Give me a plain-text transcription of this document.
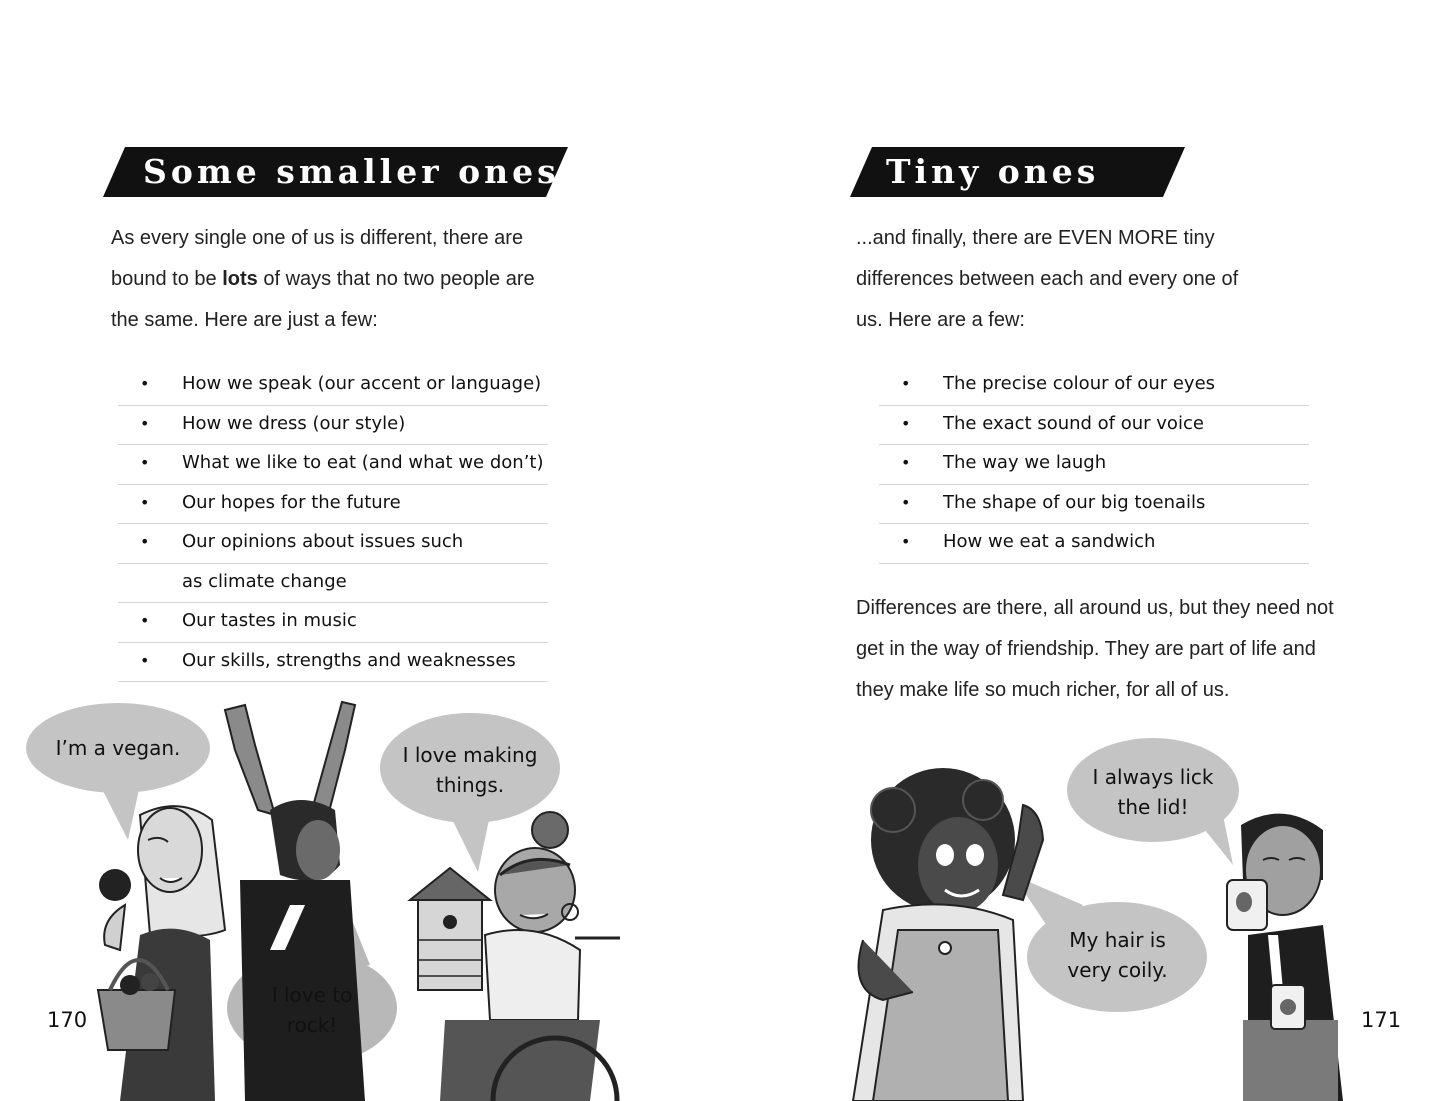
Some smaller ones

As every single one of us is different, there are bound to be lots of ways that no two people are the same. Here are just a few:

• How we speak (our accent or language)
• How we dress (our style)
• What we like to eat (and what we don’t)
• Our hopes for the future
• Our opinions about issues such
as climate change
• Our tastes in music
• Our skills, strengths and weaknesses
I’m a vegan.	I love making
things.
I love to
rock!
170
Tiny ones

...and finally, there are EVEN MORE tiny differences between each and every one of us. Here are a few:

• The precise colour of our eyes
• The exact sound of our voice
• The way we laugh
• The shape of our big toenails
• How we eat a sandwich

Differences are there, all around us, but they need not get in the way of friendship. They are part of life and they make life so much richer, for all of us.

I always lick
the lid!
My hair is
very coily.
171
